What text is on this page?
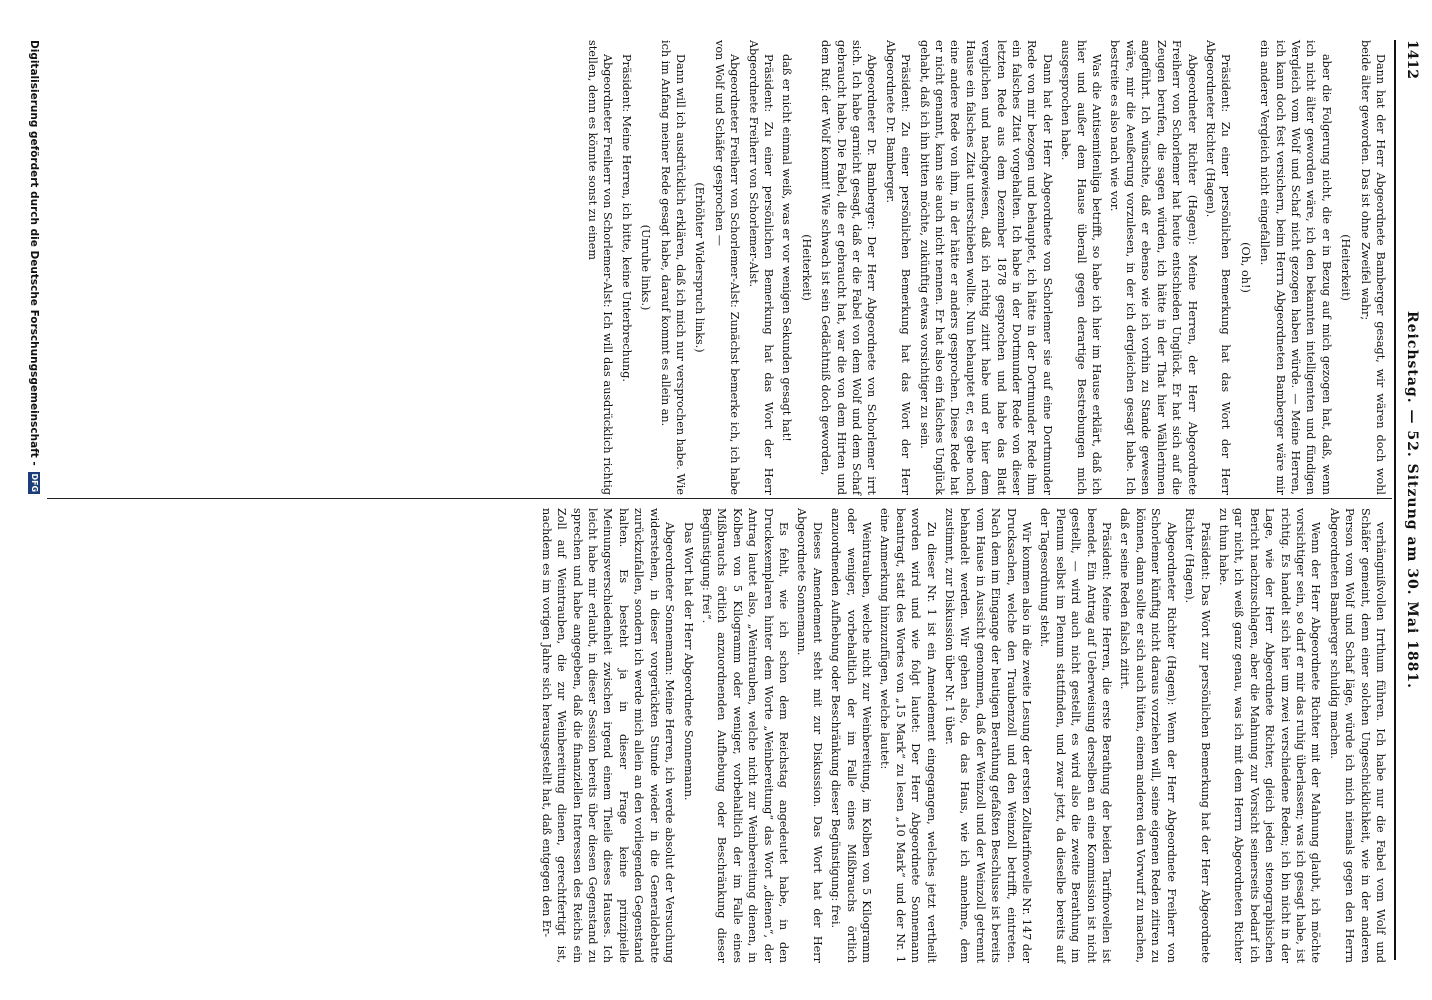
1412
Reichstag. — 52. Sitzung am 30. Mai 1881.

Dann hat der Herr Abgeordnete Bamberger gesagt, wir wären doch wohl beide älter geworden. Das ist ohne Zweifel wahr;

(Heiterkeit)

aber die Folgerung nicht, die er in Bezug auf mich gezogen hat, daß, wenn ich nicht älter geworden wäre, ich den bekannten intelligenten und fündigen Vergleich vom Wolf und Schaf nicht gezogen haben würde. — Meine Herren, ich kann doch fest versichern, beim Herrn Abgeordneten Bamberger wäre mir ein anderer Vergleich nicht eingefallen.

(Oh, oh!)

Präsident: Zu einer persönlichen Bemerkung hat das Wort der Herr Abgeordneter Richter (Hagen).

Abgeordneter Richter (Hagen): Meine Herren, der Herr Abgeordnete Freiherr von Schorlemer hat heute entschieden Unglück. Er hat sich auf die Zeugen berufen, die sagen würden, ich hätte in der That hier Wählerinnen angeführt. Ich wünschte, daß er ebenso wie ich vorhin zu Stande gewesen wäre, mir die Aeußerung vorzulesen, in der ich dergleichen gesagt habe. Ich bestreite es also nach wie vor.

Was die Antisemitenliga betrifft, so habe ich hier im Hause erklärt, daß ich hier und außer dem Hause überall gegen derartige Bestrebungen mich ausgesprochen habe.

Dann hat der Herr Abgeordnete von Schorlemer sie auf eine Dortmunder Rede von mir bezogen und behauptet, ich hätte in der Dortmunder Rede ihm ein falsches Zitat vorgehalten. Ich habe in der Dortmunder Rede von dieser letzten Rede aus dem Dezember 1878 gesprochen und habe das Blatt verglichen und nachgewiesen, daß ich richtig zitirt habe und er hier dem Hause ein falsches Zitat unterschieben wollte. Nun behauptet er, es gebe noch eine andere Rede von ihm, in der hätte er anders gesprochen. Diese Rede hat er nicht genannt, kann sie auch nicht nennen. Er hat also ein falsches Unglück gehabt, daß ich ihn bitten möchte, zukünftig etwas vorsichtiger zu sein.

Präsident: Zu einer persönlichen Bemerkung hat das Wort der Herr Abgeordnete Dr. Bamberger.

Abgeordneter Dr. Bamberger: Der Herr Abgeordnete von Schorlemer irrt sich. Ich habe garnicht gesagt, daß er die Fabel von dem Wolf und dem Schaf gebraucht habe. Die Fabel, die er gebraucht hat, war die von dem Hirten und dem Ruf: der Wolf kommt! Wie schwach ist sein Gedächtniß doch geworden,

(Heiterkeit)

daß er nicht einmal weiß, was er vor wenigen Sekunden gesagt hat!

Präsident: Zu einer persönlichen Bemerkung hat das Wort der Herr Abgeordnete Freiherr von Schorlemer-Alst.

Abgeordneter Freiherr von Schorlemer-Alst: Zunächst bemerke ich, ich habe von Wolf und Schäfer gesprochen —

(Erhöhter Widerspruch links.)

Dann will ich ausdrücklich erklären, daß ich mich nur versprochen habe. Wie ich im Anfang meiner Rede gesagt habe, darauf kommt es allein an.

(Unruhe links.)

Präsident: Meine Herren, ich bitte, keine Unterbrechung.

Abgeordneter Freiherr von Schorlemer-Alst: Ich will das ausdrücklich richtig stellen, denn es könnte sonst zu einem

verhängnißvollen Irrthum führen. Ich habe nur die Fabel vom Wolf und Schäfer gemeint, denn einer solchen Ungeschicklichkeit, wie in der anderen Person vom Wolf und Schaf läge, würde ich mich niemals gegen den Herrn Abgeordneten Bamberger schuldig machen.

Wenn der Herr Abgeordnete Richter mit der Mahnung glaubt, ich möchte vorsichtiger sein, so darf er mir das ruhig überlassen; was ich gesagt habe, ist richtig. Es handelt sich hier um zwei verschiedene Reden; ich bin nicht in der Lage, wie der Herr Abgeordnete Richter, gleich jeden stenographischen Bericht nachzuschlagen, aber die Mahnung zur Vorsicht seinerseits bedarf ich gar nicht, ich weiß ganz genau, was ich mit dem Herrn Abgeordneten Richter zu thun habe.

Präsident: Das Wort zur persönlichen Bemerkung hat der Herr Abgeordnete Richter (Hagen).

Abgeordneter Richter (Hagen): Wenn der Herr Abgeordnete Freiherr von Schorlemer künftig nicht daraus vorziehen will, seine eigenen Reden zitiren zu können, dann sollte er sich auch hüten, einem anderen den Vorwurf zu machen, daß er seine Reden falsch zitirt.

Präsident: Meine Herren, die erste Berathung der beiden Tarifnovellen ist beendet. Ein Antrag auf Ueberweisung derselben an eine Kommission ist nicht gestellt, — wird auch nicht gestellt, es wird also die zweite Berathung im Plenum selbst im Plenum stattfinden, und zwar jetzt, da dieselbe bereits auf der Tagesordnung steht.

Wir kommen also in die zweite Lesung der ersten Zolltarifnovelle Nr. 147 der Drucksachen, welche den Traubenzoll und den Weinzoll betrifft, eintreten. Nach dem im Eingange der heutigen Berathung gefaßten Beschlusse ist bereits vom Hause in Aussicht genommen, daß der Weinzoll und der Weinzoll getrennt behandelt werden. Wir gehen also, da das Haus, wie ich annehme, dem zustimmt, zur Diskussion über Nr. 1 über.

Zu dieser Nr. 1 ist ein Amendement eingegangen, welches jetzt vertheilt worden wird und wie folgt lautet: Der Herr Abgeordnete Sonnemann beantragt, statt des Wortes von „15 Mark“ zu lesen „10 Mark“ und der Nr. 1 eine Anmerkung hinzuzufügen, welche lautet:

Weintrauben, welche nicht zur Weinbereitung, im Kolben von 5 Kilogramm oder weniger, vorbehaltlich der im Falle eines Mißbrauchs örtlich anzuordnenden Aufhebung oder Beschränkung dieser Begünstigung: frei.

Dieses Amendement steht mit zur Diskussion. Das Wort hat der Herr Abgeordnete Sonnemann.

Es fehlt, wie ich schon dem Reichstag angedeutet habe, in den Druckexemplaren hinter dem Worte „Weinbereitung“ das Wort „dienen“, der Antrag lautet also, „Weintrauben, welche nicht zur Weinbereitung dienen, in Kolben von 5 Kilogramm oder weniger, vorbehaltlich der im Falle eines Mißbrauchs örtlich anzuordnenden Aufhebung oder Beschränkung dieser Begünstigung: frei“.

Das Wort hat der Herr Abgeordnete Sonnemann.

Abgeordneter Sonnemann: Meine Herren, ich werde absolut der Versuchung widerstehen, in dieser vorgerückten Stunde wieder in die Generaldebatte zurückzufallen, sondern ich werde mich allein an den vorliegenden Gegenstand halten. Es besteht ja in dieser Frage keine prinzipielle Meinungsverschiedenheit zwischen irgend einem Theile dieses Hauses. Ich leicht habe mir erlaubt, in dieser Session bereits über diesen Gegenstand zu sprechen und habe angegeben, daß die finanziellen Interessen des Reichs ein Zoll auf Weintrauben, die zur Weinbereitung dienen, gerechtfertigt ist, nachdem es im vorigen Jahre sich herausgestellt hat, daß entgegen den Er-

Digitalisierung gefördert durch die Deutsche Forschungsgemeinschaft -
DFG
